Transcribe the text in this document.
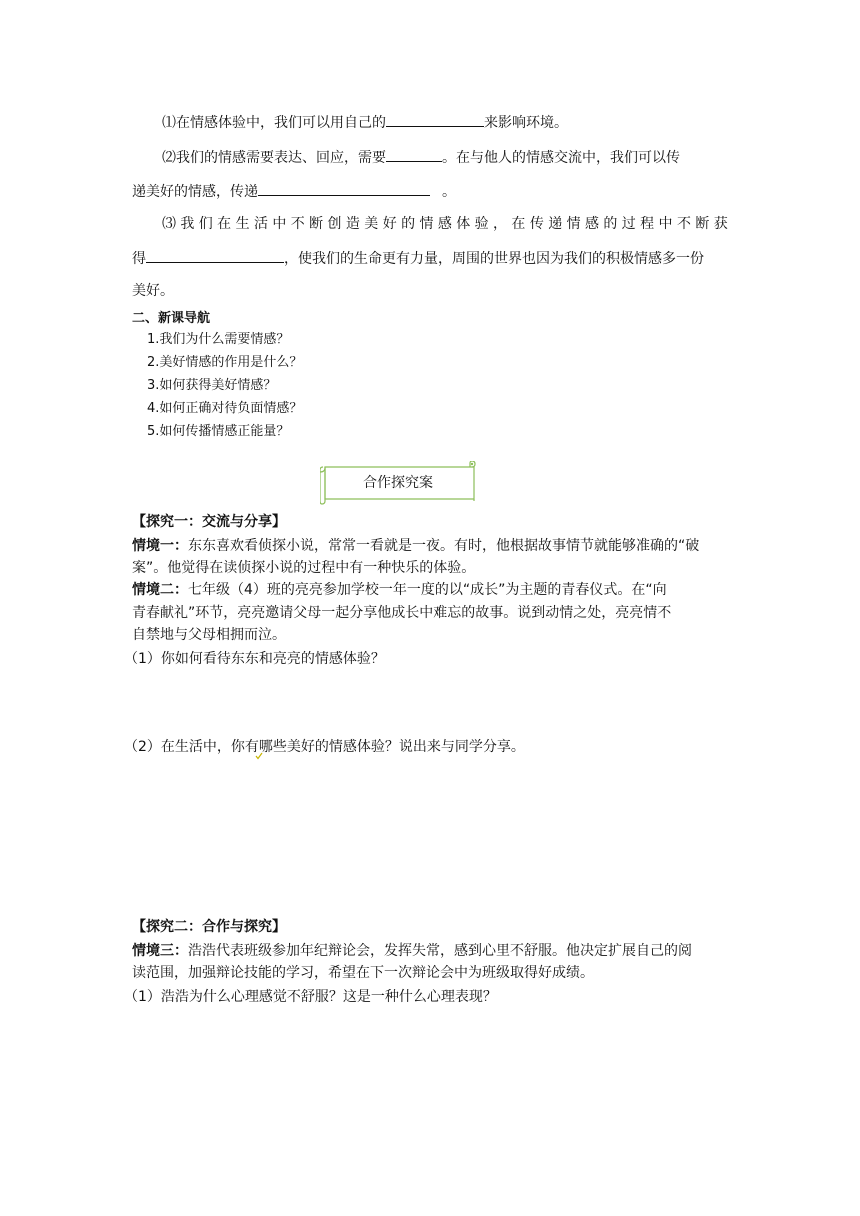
⑴在情感体验中，我们可以用自己的	来影响环境。
⑵我们的情感需要表达、回应，需要	。在与他人的情感交流中，我们可以传
递美好的情感，传递	。
⑶ 我 们 在 生 活 中 不 断 创 造 美 好 的 情 感 体 验 ， 在 传 递 情 感 的 过 程 中 不 断 获
得	，使我们的生命更有力量，周围的世界也因为我们的积极情感多一份
美好。
二、新课导航
1.我们为什么需要情感？
2.美好情感的作用是什么？
3.如何获得美好情感？
4.如何正确对待负面情感？
5.如何传播情感正能量？
合作探究案
【探究一：交流与分享】
情境一：东东喜欢看侦探小说，常常一看就是一夜。有时，他根据故事情节就能够准确的“破
案”。他觉得在读侦探小说的过程中有一种快乐的体验。
情境二：七年级（4）班的亮亮参加学校一年一度的以“成长”为主题的青春仪式。在“向
青春献礼”环节，亮亮邀请父母一起分享他成长中难忘的故事。说到动情之处，亮亮情不
自禁地与父母相拥而泣。
（1）你如何看待东东和亮亮的情感体验？
（2）在生活中，你有哪些美好的情感体验？说出来与同学分享。
【探究二：合作与探究】
情境三：浩浩代表班级参加年纪辩论会，发挥失常，感到心里不舒服。他决定扩展自己的阅
读范围，加强辩论技能的学习，希望在下一次辩论会中为班级取得好成绩。
（1）浩浩为什么心理感觉不舒服？这是一种什么心理表现？
